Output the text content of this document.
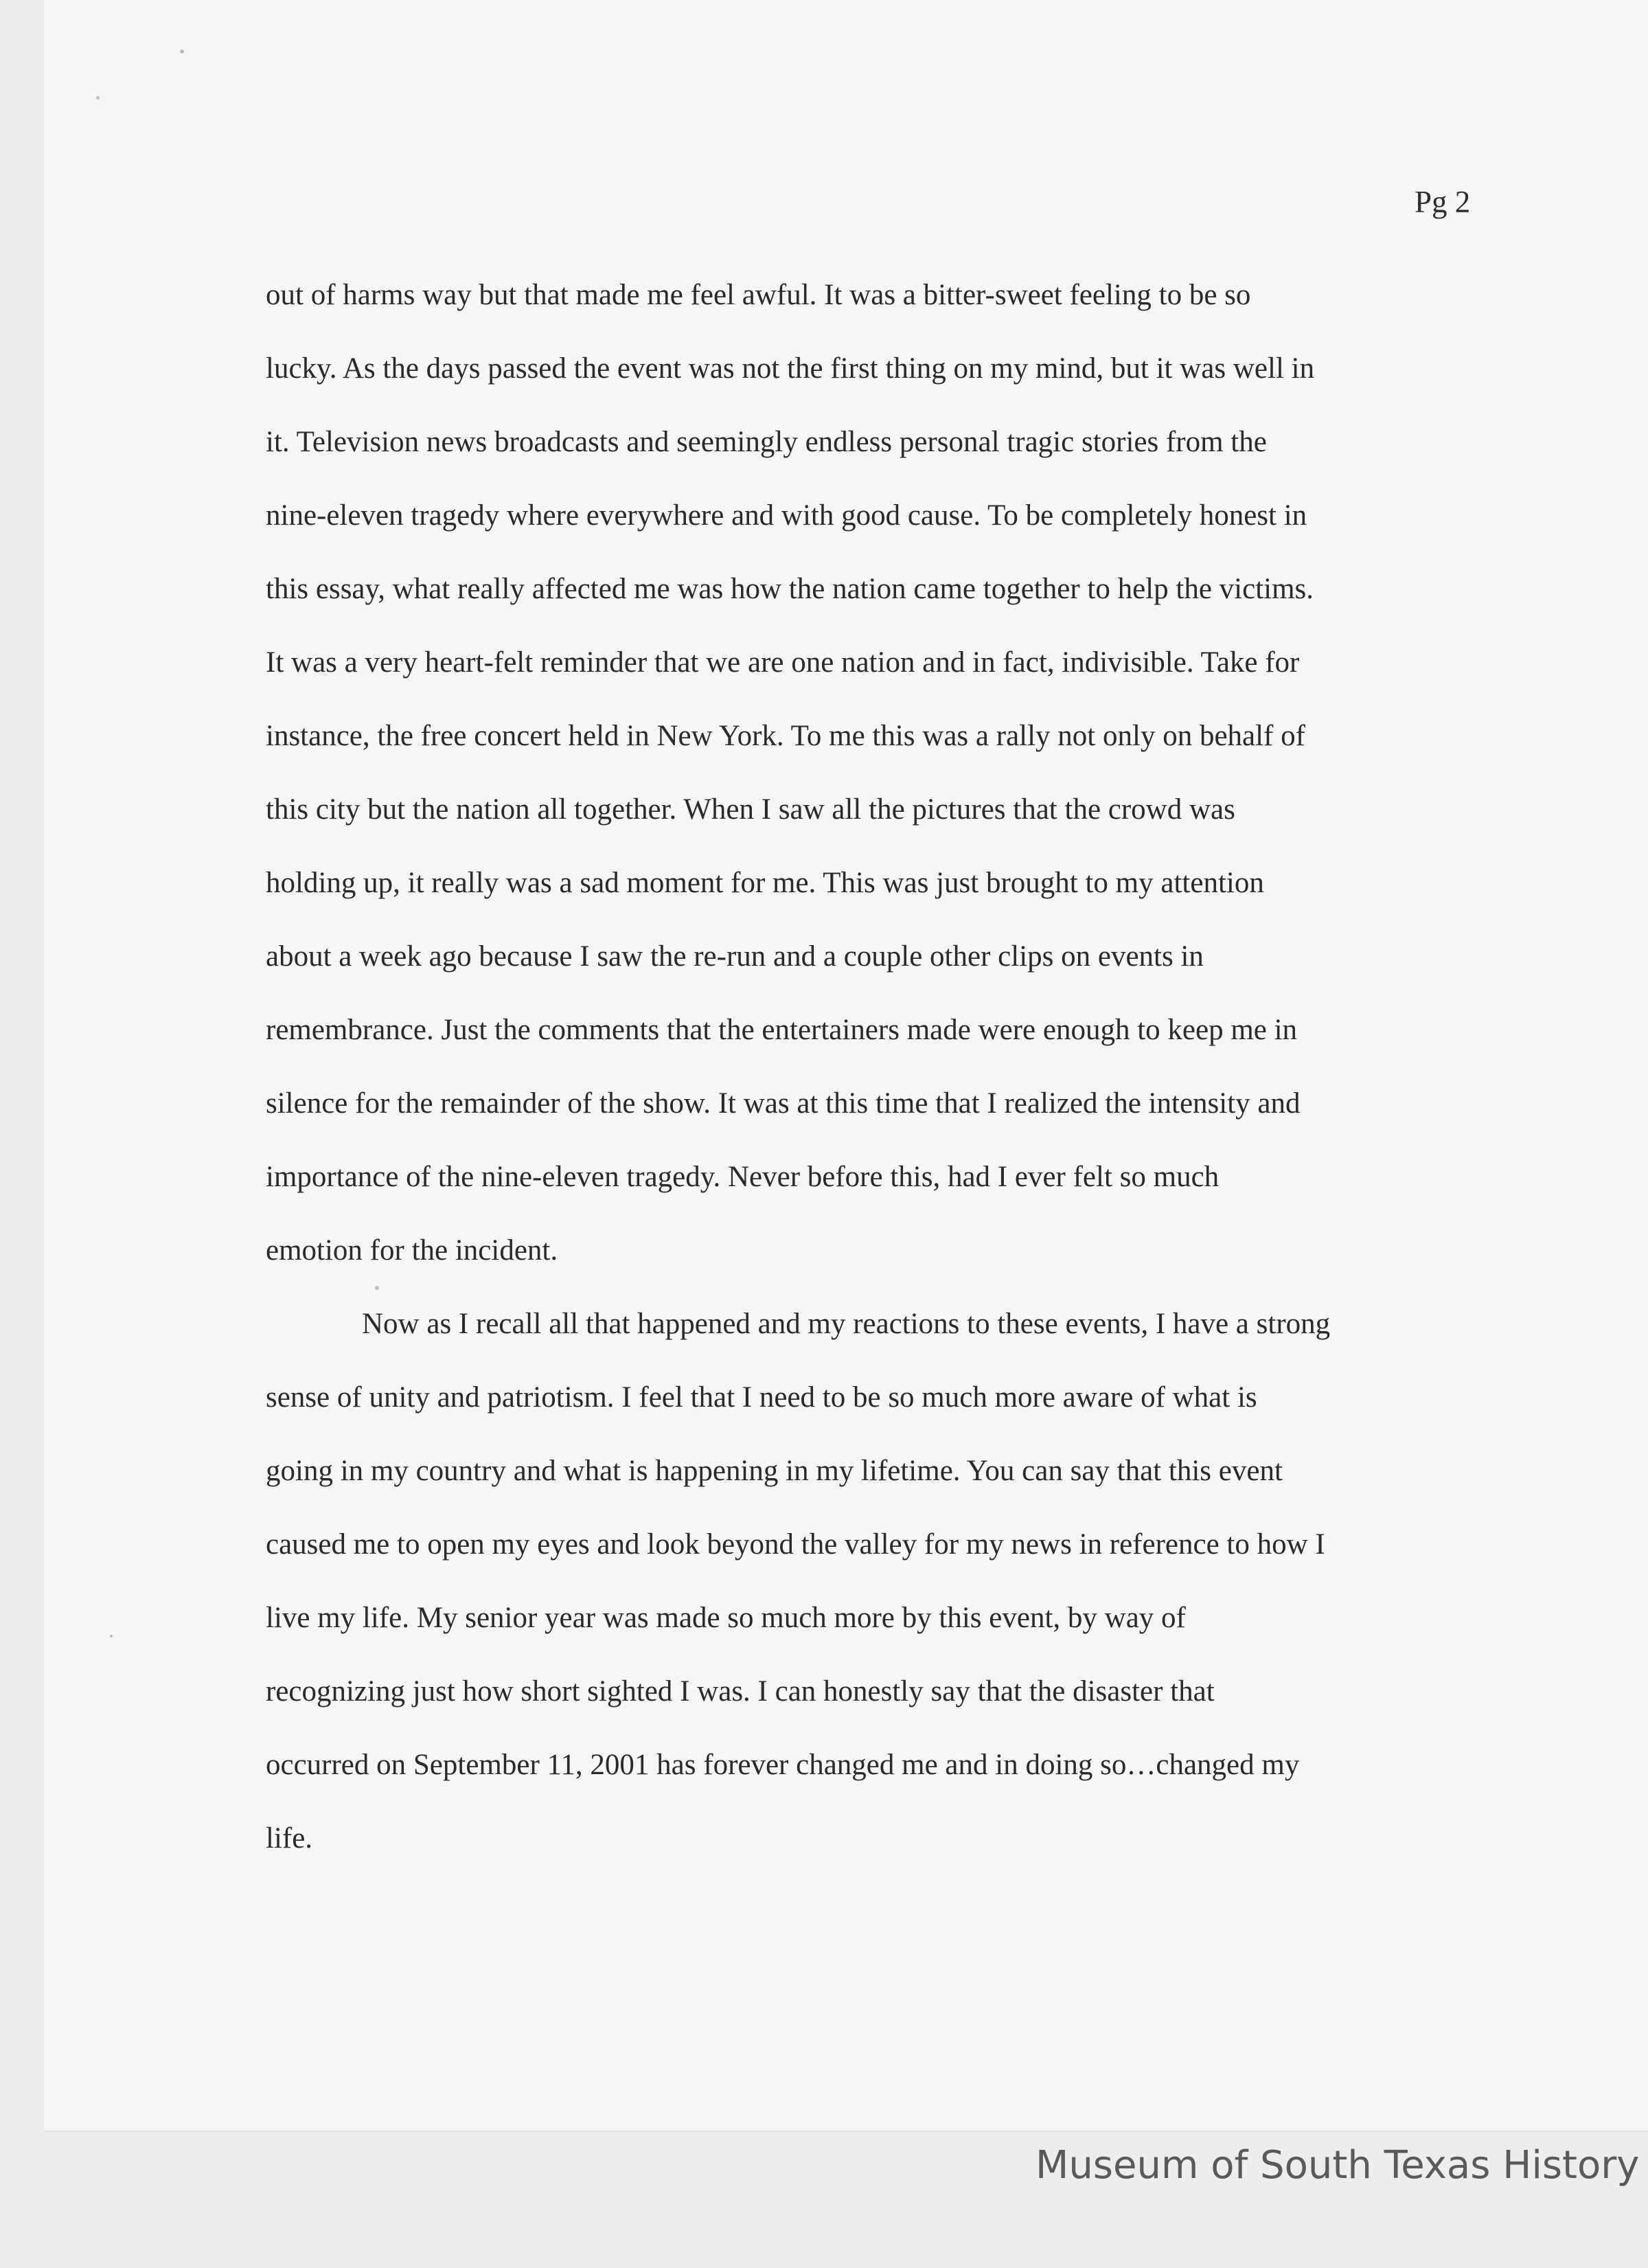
Pg 2
out of harms way but that made me feel awful. It was a bitter-sweet feeling to be so
lucky. As the days passed the event was not the first thing on my mind, but it was well in
it. Television news broadcasts and seemingly endless personal tragic stories from the
nine-eleven tragedy where everywhere and with good cause. To be completely honest in
this essay, what really affected me was how the nation came together to help the victims.
It was a very heart-felt reminder that we are one nation and in fact, indivisible. Take for
instance, the free concert held in New York. To me this was a rally not only on behalf of
this city but the nation all together. When I saw all the pictures that the crowd was
holding up, it really was a sad moment for me. This was just brought to my attention
about a week ago because I saw the re-run and a couple other clips on events in
remembrance. Just the comments that the entertainers made were enough to keep me in
silence for the remainder of the show. It was at this time that I realized the intensity and
importance of the nine-eleven tragedy. Never before this, had I ever felt so much
emotion for the incident.
Now as I recall all that happened and my reactions to these events, I have a strong
sense of unity and patriotism. I feel that I need to be so much more aware of what is
going in my country and what is happening in my lifetime. You can say that this event
caused me to open my eyes and look beyond the valley for my news in reference to how I
live my life. My senior year was made so much more by this event, by way of
recognizing just how short sighted I was. I can honestly say that the disaster that
occurred on September 11, 2001 has forever changed me and in doing so…changed my
life.
Museum of South Texas History
